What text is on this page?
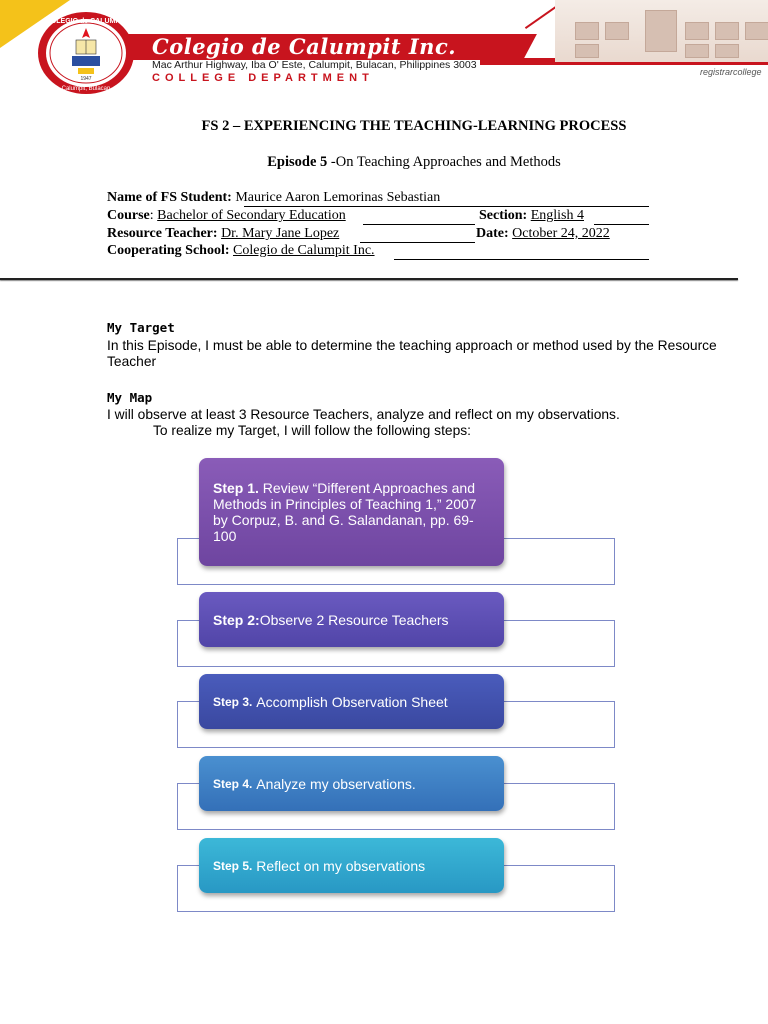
COLEGIO de CALUMPIT
Calumpit, Bulacan
1947
Colegio de Calumpit Inc.
Mac Arthur Highway, Iba O' Este, Calumpit, Bulacan, Philippines 3003
COLLEGE DEPARTMENT	registrarcollege
FS 2 – EXPERIENCING THE TEACHING-LEARNING PROCESS
Episode 5 -On Teaching Approaches and Methods
Name of FS Student: Maurice Aaron Lemorinas Sebastian
Course: Bachelor of Secondary Education	Section: English 4
Resource Teacher: Dr. Mary Jane Lopez	Date: October 24, 2022
Cooperating School: Colegio de Calumpit Inc.
My Target
In this Episode, I must be able to determine the teaching approach or method used by the Resource Teacher
My Map
I will observe at least 3 Resource Teachers, analyze and reflect on my observations.
To realize my Target, I will follow the following steps:
Step 1. Review “Different Approaches and Methods in Principles of Teaching 1,” 2007 by Corpuz, B. and G. Salandanan, pp. 69-100
Step 2: Observe 2 Resource Teachers
Step 3.
Accomplish Observation Sheet
Step 4.
Analyze my observations.
Step 5.
Reflect on my observations
